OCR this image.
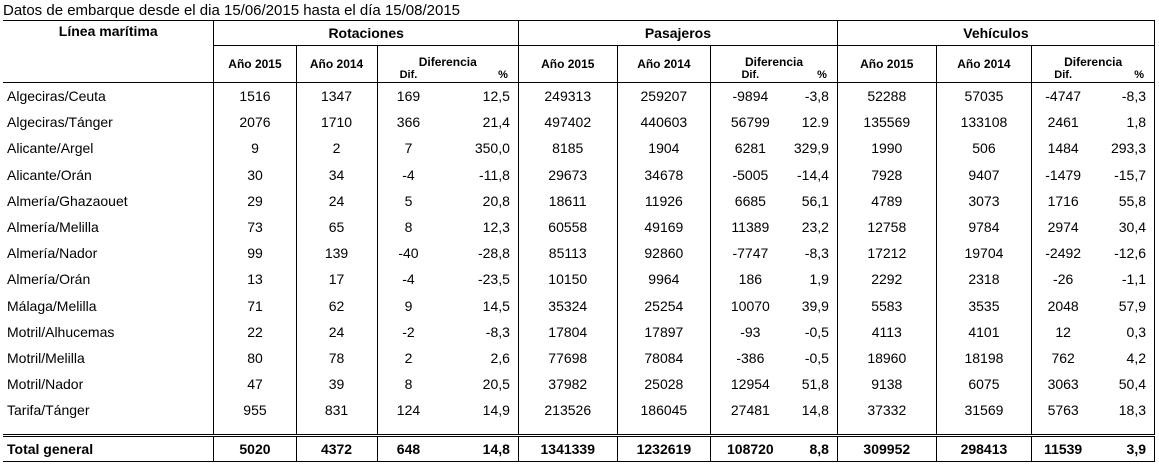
Datos de embarque desde el dia 15/06/2015 hasta el día 15/08/2015
Línea marítima	Rotaciones				Pasajeros				Vehículos			
	Año 2015	Año 2014	Diferencia		Año 2015	Año 2014	Diferencia		Año 2015	Año 2014	Diferencia	
			Dif.	%			Dif.	%			Dif.	%
Algeciras/Ceuta	1516	1347	169	12,5	249313	259207	-9894	-3,8	52288	57035	-4747	-8,3
Algeciras/Tánger	2076	1710	366	21,4	497402	440603	56799	12.9	135569	133108	2461	1,8
Alicante/Argel	9	2	7	350,0	8185	1904	6281	329,9	1990	506	1484	293,3
Alicante/Orán	30	34	-4	-11,8	29673	34678	-5005	-14,4	7928	9407	-1479	-15,7
Almería/Ghazaouet	29	24	5	20,8	18611	11926	6685	56,1	4789	3073	1716	55,8
Almería/Melilla	73	65	8	12,3	60558	49169	11389	23,2	12758	9784	2974	30,4
Almería/Nador	99	139	-40	-28,8	85113	92860	-7747	-8,3	17212	19704	-2492	-12,6
Almería/Orán	13	17	-4	-23,5	10150	9964	186	1,9	2292	2318	-26	-1,1
Málaga/Melilla	71	62	9	14,5	35324	25254	10070	39,9	5583	3535	2048	57,9
Motril/Alhucemas	22	24	-2	-8,3	17804	17897	-93	-0,5	4113	4101	12	0,3
Motril/Melilla	80	78	2	2,6	77698	78084	-386	-0,5	18960	18198	762	4,2
Motril/Nador	47	39	8	20,5	37982	25028	12954	51,8	9138	6075	3063	50,4
Tarifa/Tánger	955	831	124	14,9	213526	186045	27481	14,8	37332	31569	5763	18,3

Total general	5020	4372	648	14,8	1341339	1232619	108720	8,8	309952	298413	11539	3,9
